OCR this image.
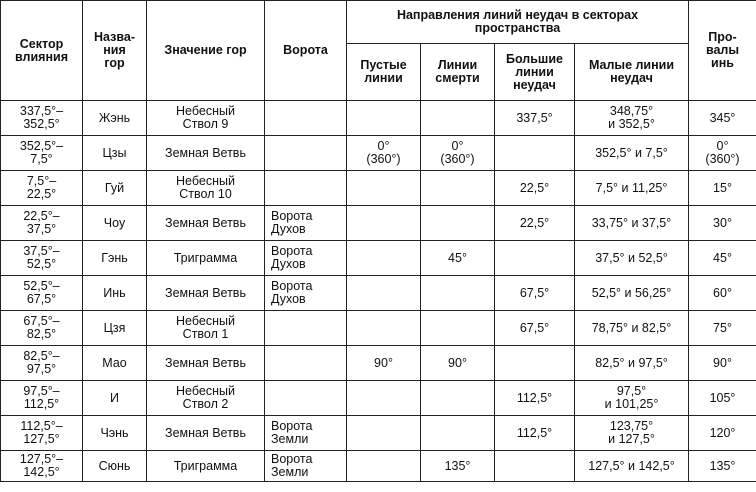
Сектор
влияния	Назва-
ния
гор	Значение гор	Ворота	Направления линий неудач в секторах
пространства				Про-
валы
инь
				Пустые
линии	Линии
смерти	Большие
линии
неудач	Малые линии
неудач	
337,5°–
352,5°	Жэнь	Небесный
Ствол 9				337,5°	348,75°
и 352,5°	345°
352,5°–
7,5°	Цзы	Земная Ветвь		0°
(360°)	0°
(360°)		352,5° и 7,5°	0°
(360°)
7,5°–
22,5°	Гуй	Небесный
Ствол 10				22,5°	7,5° и 11,25°	15°
22,5°–
37,5°	Чоу	Земная Ветвь	Ворота
Духов			22,5°	33,75° и 37,5°	30°
37,5°–
52,5°	Гэнь	Триграмма	Ворота
Духов		45°		37,5° и 52,5°	45°
52,5°–
67,5°	Инь	Земная Ветвь	Ворота
Духов			67,5°	52,5° и 56,25°	60°
67,5°–
82,5°	Цзя	Небесный
Ствол 1				67,5°	78,75° и 82,5°	75°
82,5°–
97,5°	Мао	Земная Ветвь		90°	90°		82,5° и 97,5°	90°
97,5°–
112,5°	И	Небесный
Ствол 2				112,5°	97,5°
и 101,25°	105°
112,5°–
127,5°	Чэнь	Земная Ветвь	Ворота
Земли			112,5°	123,75°
и 127,5°	120°
127,5°–
142,5°	Сюнь	Триграмма	Ворота
Земли		135°		127,5° и 142,5°	135°
